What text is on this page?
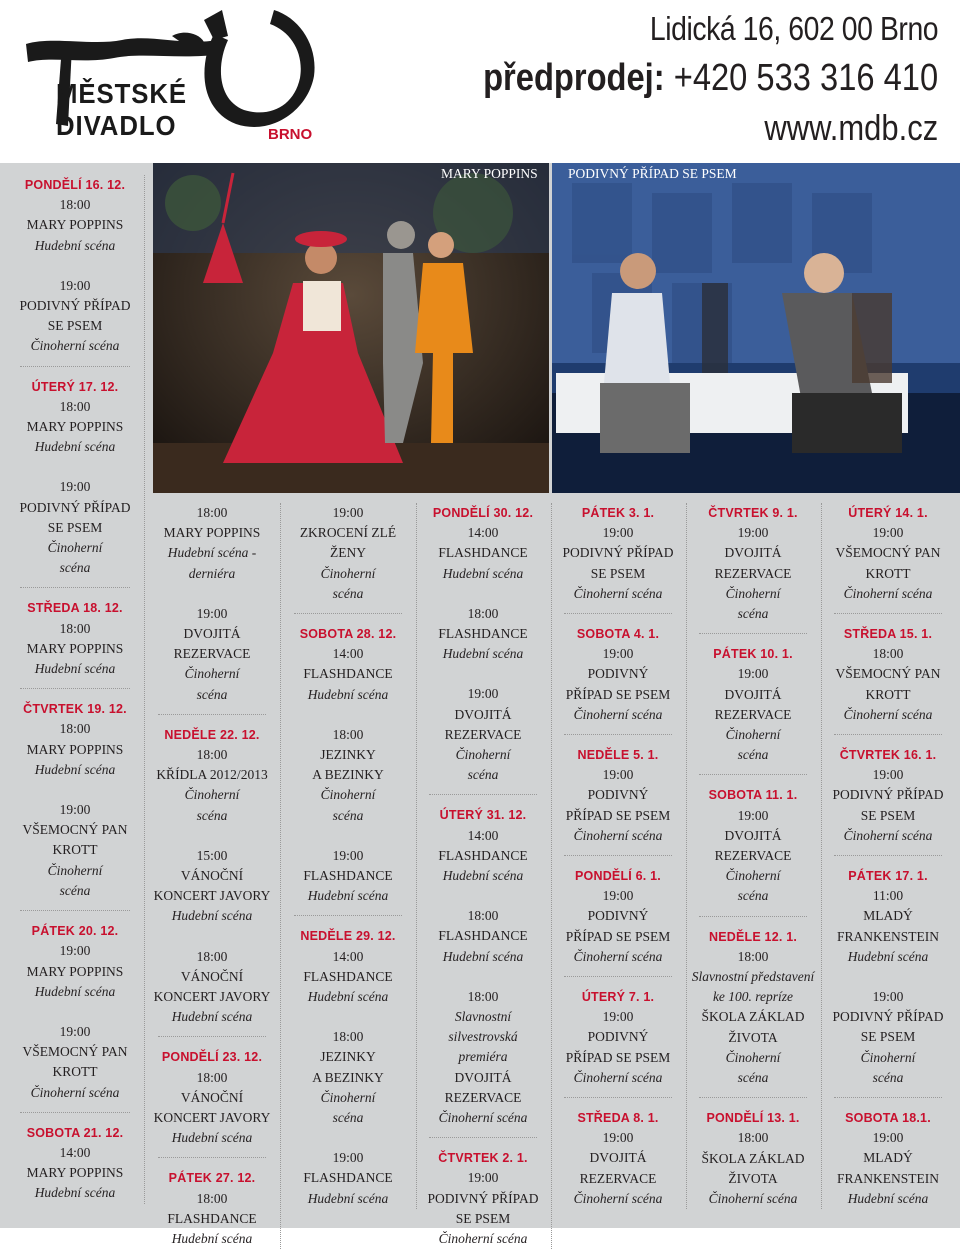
MĚSTSKÉ DIVADLO	BRNO
Lidická 16, 602 00 Brno
předprodej: +420 533 316 410
www.mdb.cz
MARY POPPINS PODIVNÝ PŘÍPAD SE PSEM
PONDĚLÍ 16. 12.
18:00
MARY POPPINS
Hudební scéna
19:00
PODIVNÝ PŘÍPAD
SE PSEM
Činoherní scéna
ÚTERÝ 17. 12.
18:00
MARY POPPINS
Hudební scéna
19:00
PODIVNÝ PŘÍPAD
SE PSEM
Činoherní
scéna
STŘEDA 18. 12.
18:00
MARY POPPINS
Hudební scéna
ČTVRTEK 19. 12.
18:00
MARY POPPINS
Hudební scéna
19:00
VŠEMOCNÝ PAN
KROTT
Činoherní
scéna
PÁTEK 20. 12.
19:00
MARY POPPINS
Hudební scéna
19:00
VŠEMOCNÝ PAN
KROTT
Činoherní scéna
SOBOTA 21. 12.
14:00
MARY POPPINS
Hudební scéna
18:00
MARY POPPINS
Hudební scéna - derniéra
19:00
DVOJITÁ REZERVACE
Činoherní
scéna
NEDĚLE 22. 12.
18:00
KŘÍDLA 2012/2013
Činoherní
scéna
15:00
VÁNOČNÍ
KONCERT JAVORY
Hudební scéna
18:00
VÁNOČNÍ
KONCERT JAVORY
Hudební scéna
PONDĚLÍ 23. 12.
18:00
VÁNOČNÍ
KONCERT JAVORY
Hudební scéna
PÁTEK 27. 12.
18:00
FLASHDANCE
Hudební scéna
19:00
ZKROCENÍ ZLÉ
ŽENY
Činoherní
scéna
SOBOTA 28. 12.
14:00
FLASHDANCE
Hudební scéna
18:00
JEZINKY
A BEZINKY
Činoherní
scéna
19:00
FLASHDANCE
Hudební scéna
NEDĚLE 29. 12.
14:00
FLASHDANCE
Hudební scéna
18:00
JEZINKY
A BEZINKY
Činoherní
scéna
19:00
FLASHDANCE
Hudební scéna
PONDĚLÍ 30. 12.
14:00
FLASHDANCE
Hudební scéna
18:00
FLASHDANCE
Hudební scéna
19:00
DVOJITÁ
REZERVACE
Činoherní
scéna
ÚTERÝ 31. 12.
14:00
FLASHDANCE
Hudební scéna
18:00
FLASHDANCE
Hudební scéna
18:00
Slavnostní silvestrovská
premiéra
DVOJITÁ REZERVACE
Činoherní scéna
ČTVRTEK 2. 1.
19:00
PODIVNÝ PŘÍPAD
SE PSEM
Činoherní scéna
PÁTEK 3. 1.
19:00
PODIVNÝ PŘÍPAD
SE PSEM
Činoherní scéna
SOBOTA 4. 1.
19:00
PODIVNÝ
PŘÍPAD SE PSEM
Činoherní scéna
NEDĚLE 5. 1.
19:00
PODIVNÝ
PŘÍPAD SE PSEM
Činoherní scéna
PONDĚLÍ 6. 1.
19:00
PODIVNÝ
PŘÍPAD SE PSEM
Činoherní scéna
ÚTERÝ 7. 1.
19:00
PODIVNÝ
PŘÍPAD SE PSEM
Činoherní scéna
STŘEDA 8. 1.
19:00
DVOJITÁ
REZERVACE
Činoherní scéna
ČTVRTEK 9. 1.
19:00
DVOJITÁ
REZERVACE
Činoherní
scéna
PÁTEK 10. 1.
19:00
DVOJITÁ
REZERVACE
Činoherní
scéna
SOBOTA 11. 1.
19:00
DVOJITÁ
REZERVACE
Činoherní
scéna
NEDĚLE 12. 1.
18:00
Slavnostní představení
ke 100. repríze
ŠKOLA ZÁKLAD
ŽIVOTA
Činoherní
scéna
PONDĚLÍ 13. 1.
18:00
ŠKOLA ZÁKLAD
ŽIVOTA
Činoherní scéna
ÚTERÝ 14. 1.
19:00
VŠEMOCNÝ PAN
KROTT
Činoherní scéna
STŘEDA 15. 1.
18:00
VŠEMOCNÝ PAN
KROTT
Činoherní scéna
ČTVRTEK 16. 1.
19:00
PODIVNÝ PŘÍPAD
SE PSEM
Činoherní scéna
PÁTEK 17. 1.
11:00
MLADÝ
FRANKENSTEIN
Hudební scéna
19:00
PODIVNÝ PŘÍPAD
SE PSEM
Činoherní
scéna
SOBOTA 18.1.
19:00
MLADÝ
FRANKENSTEIN
Hudební scéna
